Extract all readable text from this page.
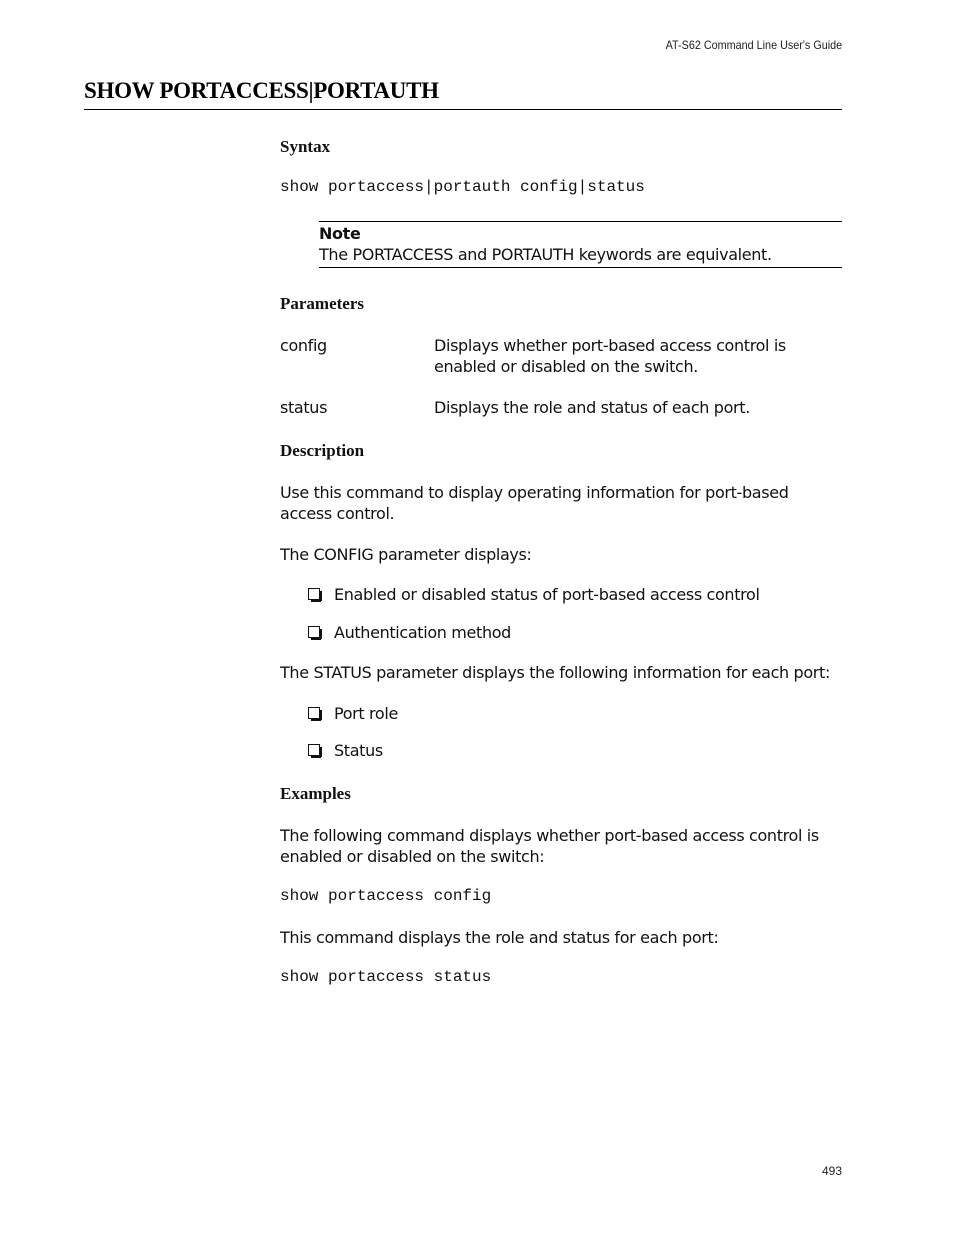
AT-S62 Command Line User's Guide
SHOW PORTACCESS|PORTAUTH
Syntax
show portaccess|portauth config|status
Note
The PORTACCESS and PORTAUTH keywords are equivalent.
Parameters
config	Displays whether port-based access control is
enabled or disabled on the switch.
status	Displays the role and status of each port.
Description
Use this command to display operating information for port-based
access control.
The CONFIG parameter displays:
Enabled or disabled status of port-based access control
Authentication method
The STATUS parameter displays the following information for each port:
Port role
Status
Examples
The following command displays whether port-based access control is
enabled or disabled on the switch:
show portaccess config
This command displays the role and status for each port:
show portaccess status
493
